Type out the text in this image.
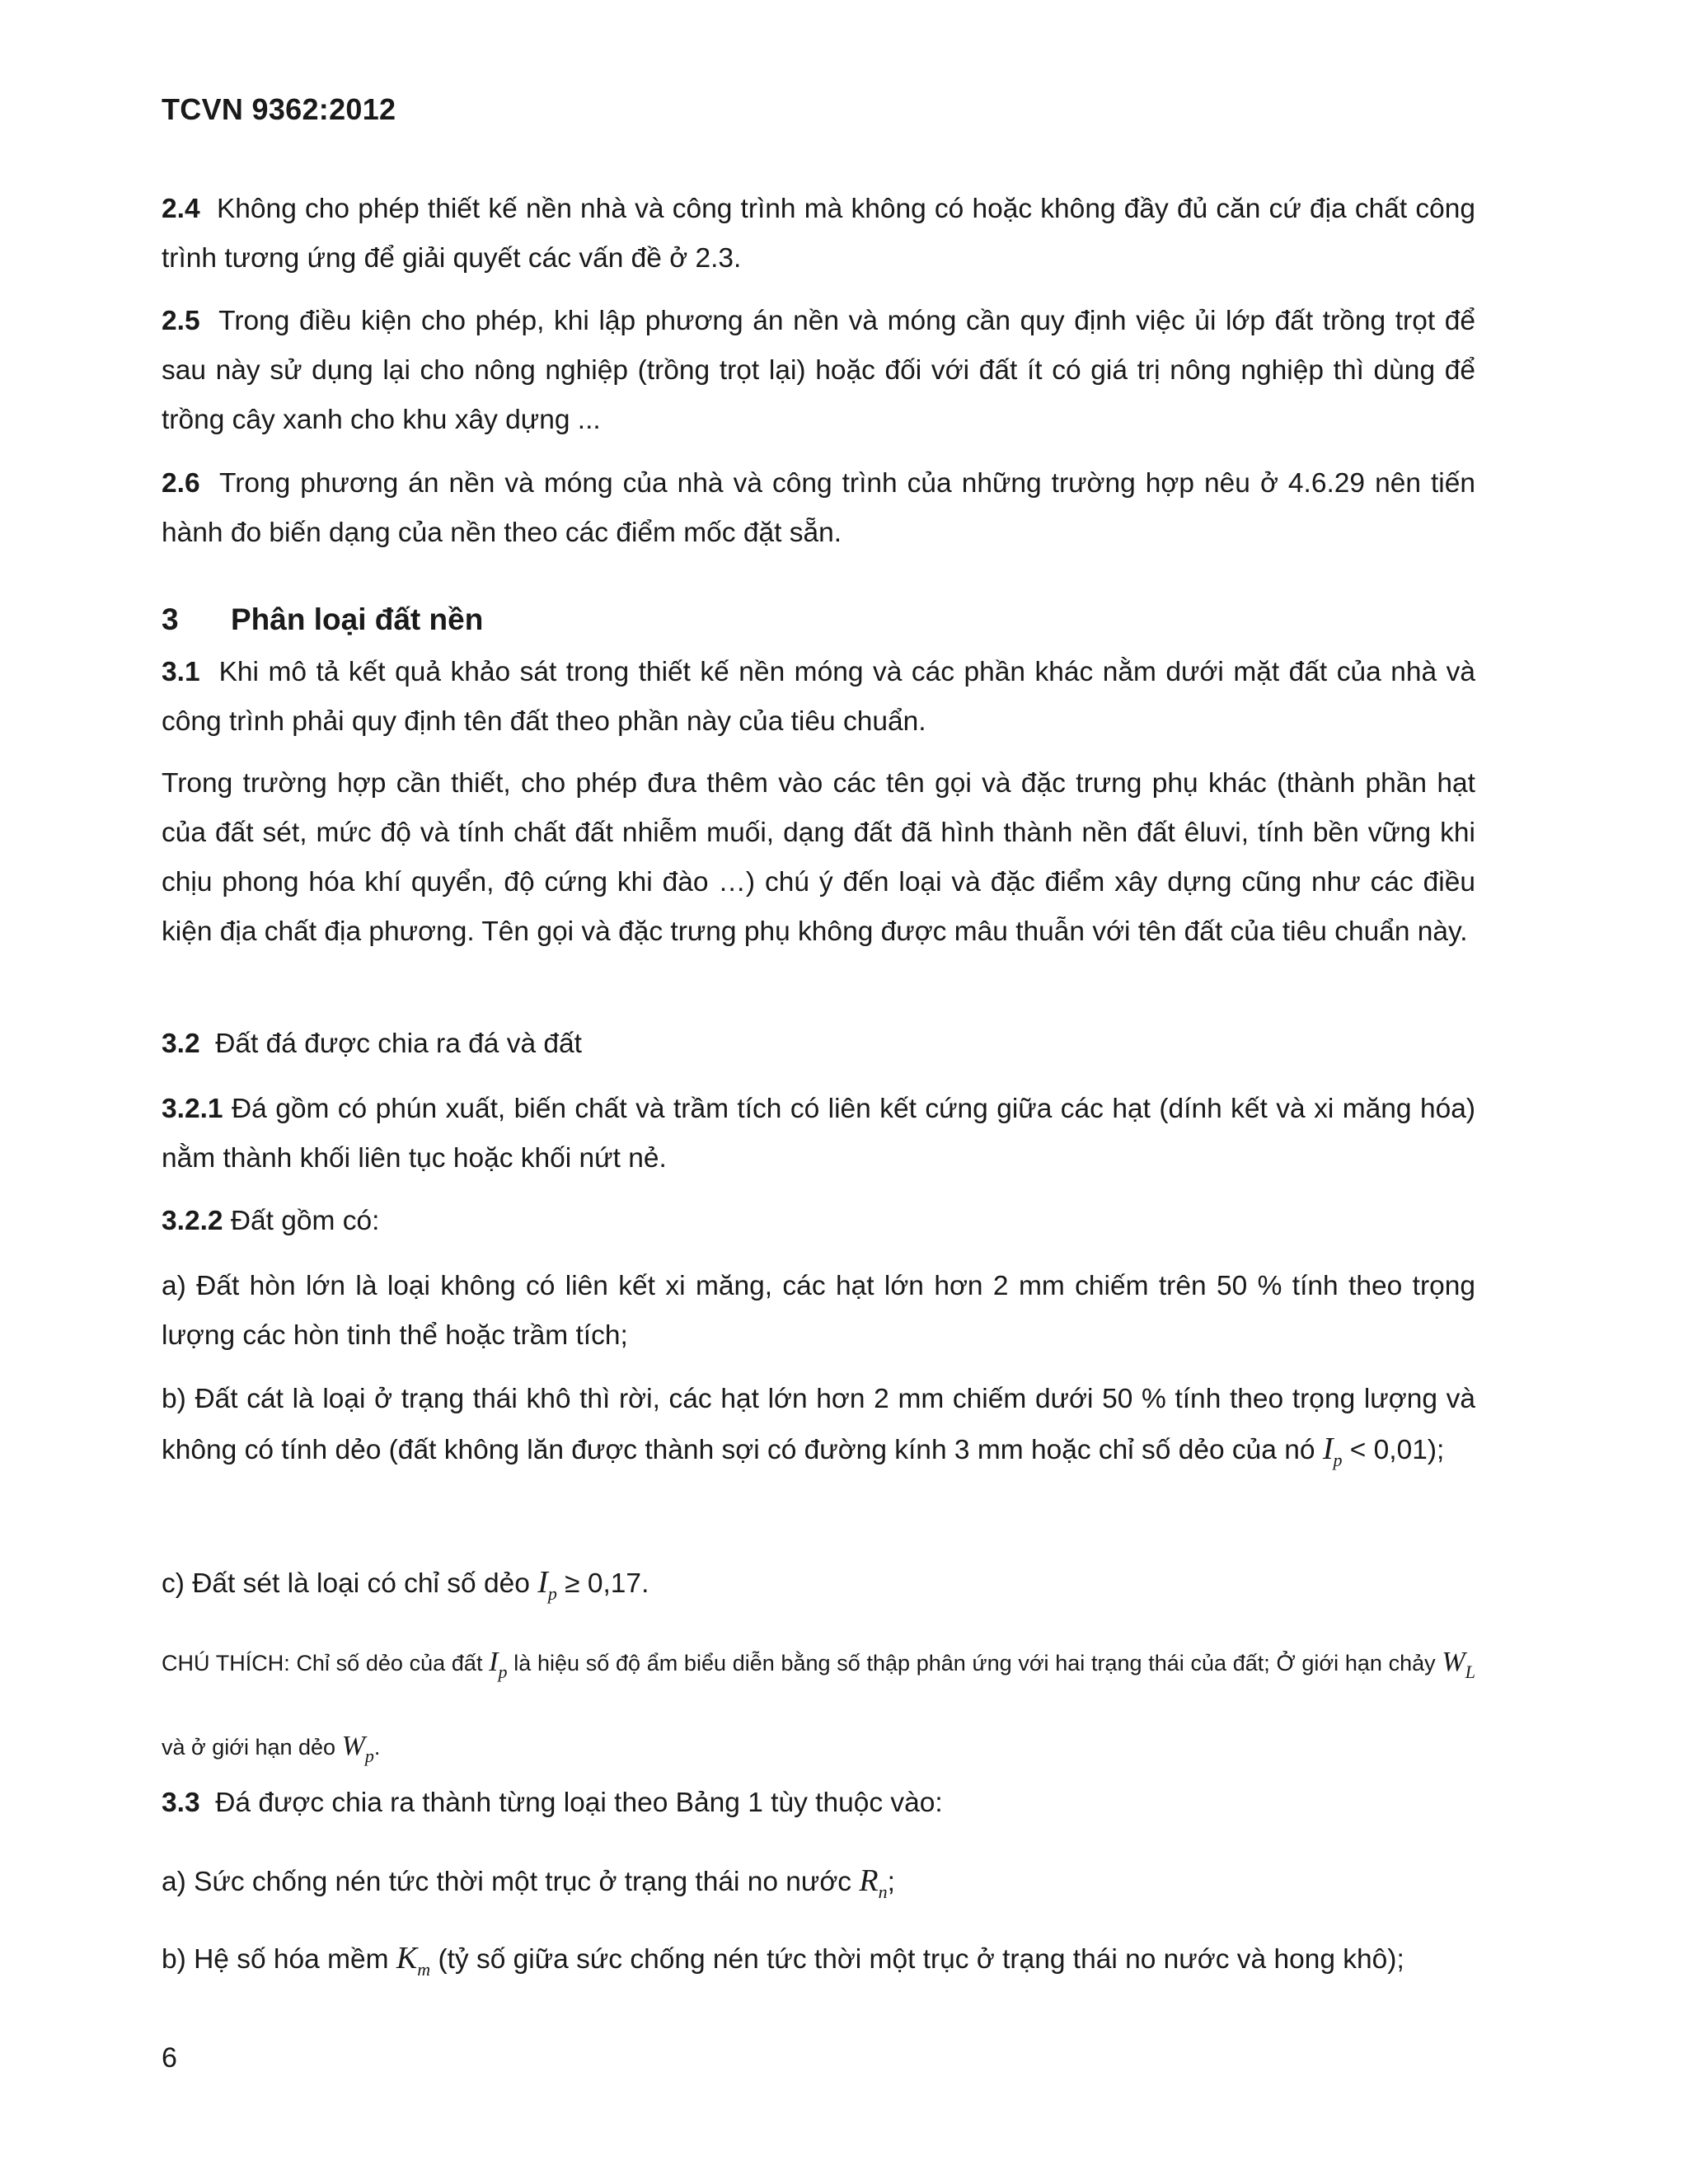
TCVN 9362:2012

2.4 Không cho phép thiết kế nền nhà và công trình mà không có hoặc không đầy đủ căn cứ địa chất công trình tương ứng để giải quyết các vấn đề ở 2.3.

2.5 Trong điều kiện cho phép, khi lập phương án nền và móng cần quy định việc ủi lớp đất trồng trọt để sau này sử dụng lại cho nông nghiệp (trồng trọt lại) hoặc đối với đất ít có giá trị nông nghiệp thì dùng để trồng cây xanh cho khu xây dựng ...

2.6 Trong phương án nền và móng của nhà và công trình của những trường hợp nêu ở 4.6.29 nên tiến hành đo biến dạng của nền theo các điểm mốc đặt sẵn.

3 Phân loại đất nền

3.1 Khi mô tả kết quả khảo sát trong thiết kế nền móng và các phần khác nằm dưới mặt đất của nhà và công trình phải quy định tên đất theo phần này của tiêu chuẩn.

Trong trường hợp cần thiết, cho phép đưa thêm vào các tên gọi và đặc trưng phụ khác (thành phần hạt của đất sét, mức độ và tính chất đất nhiễm muối, dạng đất đã hình thành nền đất êluvi, tính bền vững khi chịu phong hóa khí quyển, độ cứng khi đào …) chú ý đến loại và đặc điểm xây dựng cũng như các điều kiện địa chất địa phương. Tên gọi và đặc trưng phụ không được mâu thuẫn với tên đất của tiêu chuẩn này.

3.2 Đất đá được chia ra đá và đất

3.2.1 Đá gồm có phún xuất, biến chất và trầm tích có liên kết cứng giữa các hạt (dính kết và xi măng hóa) nằm thành khối liên tục hoặc khối nứt nẻ.

3.2.2 Đất gồm có:

a) Đất hòn lớn là loại không có liên kết xi măng, các hạt lớn hơn 2 mm chiếm trên 50 % tính theo trọng lượng các hòn tinh thể hoặc trầm tích;

b) Đất cát là loại ở trạng thái khô thì rời, các hạt lớn hơn 2 mm chiếm dưới 50 % tính theo trọng lượng và không có tính dẻo (đất không lăn được thành sợi có đường kính 3 mm hoặc chỉ số dẻo của nó $I_p < 0,01$);

c) Đất sét là loại có chỉ số dẻo $I_p \ge 0,17$.

CHÚ THÍCH: Chỉ số dẻo của đất $I_p$ là hiệu số độ ẩm biểu diễn bằng số thập phân ứng với hai trạng thái của đất; Ở giới hạn chảy $W_L$ và ở giới hạn dẻo $W_p$.

3.3 Đá được chia ra thành từng loại theo Bảng 1 tùy thuộc vào:

a) Sức chống nén tức thời một trục ở trạng thái no nước $R_n$;

b) Hệ số hóa mềm $K_m$ (tỷ số giữa sức chống nén tức thời một trục ở trạng thái no nước và hong khô);

6
